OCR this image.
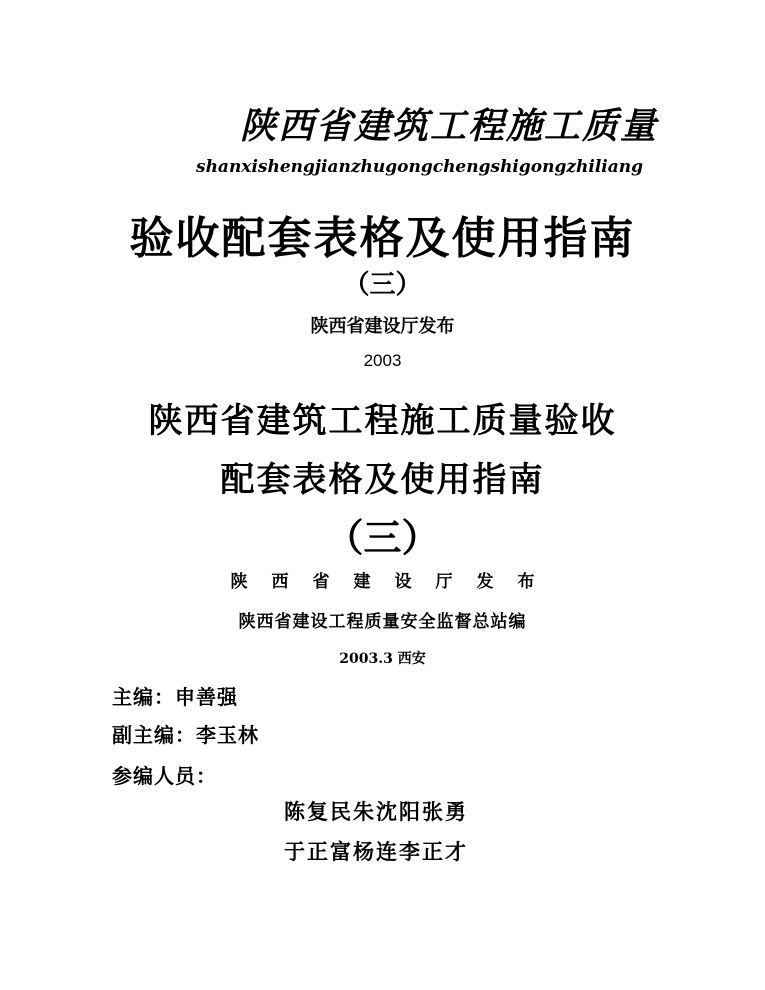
陕西省建筑工程施工质量
shanxishengjianzhugongchengshigongzhiliang
验收配套表格及使用指南
（三）
陕西省建设厅发布
2003
陕西省建筑工程施工质量验收
配套表格及使用指南
（三）
陕西省建设厅发布
陕西省建设工程质量安全监督总站编
2003.3 西安
主编：申善强
副主编：李玉林
参编人员：
陈复民朱沈阳张勇
于正富杨连李正才
